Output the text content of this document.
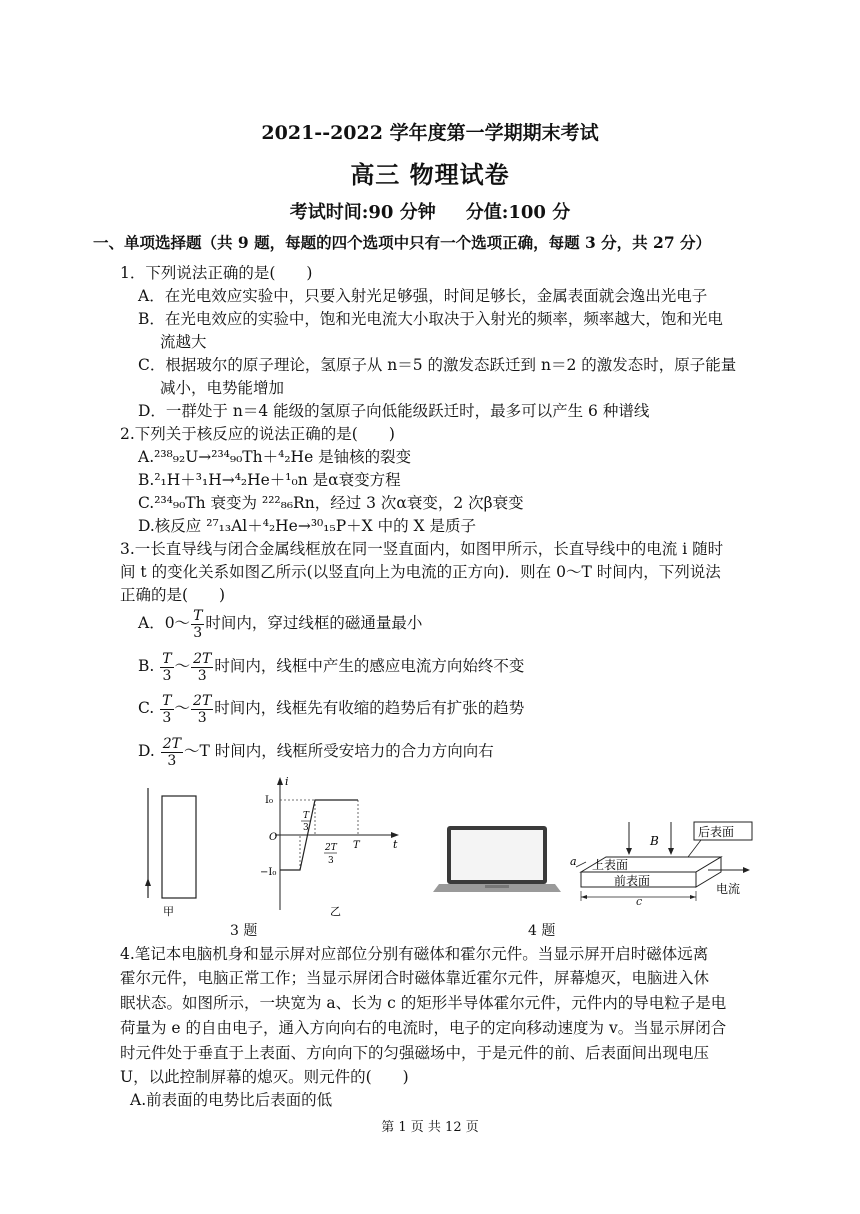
2021--2022 学年度第一学期期末考试
高三 物理试卷
考试时间:90 分钟 分值:100 分
一、单项选择题（共 9 题，每题的四个选项中只有一个选项正确，每题 3 分，共 27 分）
1．下列说法正确的是(　　)
A．在光电效应实验中，只要入射光足够强，时间足够长，金属表面就会逸出光电子
B．在光电效应的实验中，饱和光电流大小取决于入射光的频率，频率越大，饱和光电
流越大
C．根据玻尔的原子理论，氢原子从 n＝5 的激发态跃迁到 n＝2 的激发态时，原子能量
减小，电势能增加
D．一群处于 n＝4 能级的氢原子向低能级跃迁时，最多可以产生 6 种谱线
2.下列关于核反应的说法正确的是(　　)
A.²³⁸₉₂U→²³⁴₉₀Th＋⁴₂He 是铀核的裂变
B.²₁H＋³₁H→⁴₂He＋¹₀n 是α衰变方程
C.²³⁴₉₀Th 衰变为 ²²²₈₆Rn，经过 3 次α衰变，2 次β衰变
D.核反应 ²⁷₁₃Al＋⁴₂He→³⁰₁₅P＋X 中的 X 是质子
3.一长直导线与闭合金属线框放在同一竖直面内，如图甲所示，长直导线中的电流 i 随时
间 t 的变化关系如图乙所示(以竖直向上为电流的正方向)．则在 0～T 时间内，下列说法
正确的是(　　)
A．0～ $\frac{T}{3}$ 时间内，穿过线框的磁通量最小
B. $\frac{T}{3}$ ～ $\frac{2T}{3}$ 时间内，线框中产生的感应电流方向始终不变
C. $\frac{T}{3}$ ～ $\frac{2T}{3}$ 时间内，线框先有收缩的趋势后有扩张的趋势
D. $\frac{2T}{3}$ ～T 时间内，线框所受安培力的合力方向向右
甲
i
t
I₀
−I₀
O
T
3
2T
3
T
乙
B
后表面
上表面
前表面
电流
a
c
3 题	4 题
4.笔记本电脑机身和显示屏对应部位分别有磁体和霍尔元件。当显示屏开启时磁体远离
霍尔元件，电脑正常工作；当显示屏闭合时磁体靠近霍尔元件，屏幕熄灭，电脑进入休
眠状态。如图所示，一块宽为 a、长为 c 的矩形半导体霍尔元件，元件内的导电粒子是电
荷量为 e 的自由电子，通入方向向右的电流时，电子的定向移动速度为 v。当显示屏闭合
时元件处于垂直于上表面、方向向下的匀强磁场中，于是元件的前、后表面间出现电压
U，以此控制屏幕的熄灭。则元件的(　　)
A.前表面的电势比后表面的低
第 1 页 共 12 页
